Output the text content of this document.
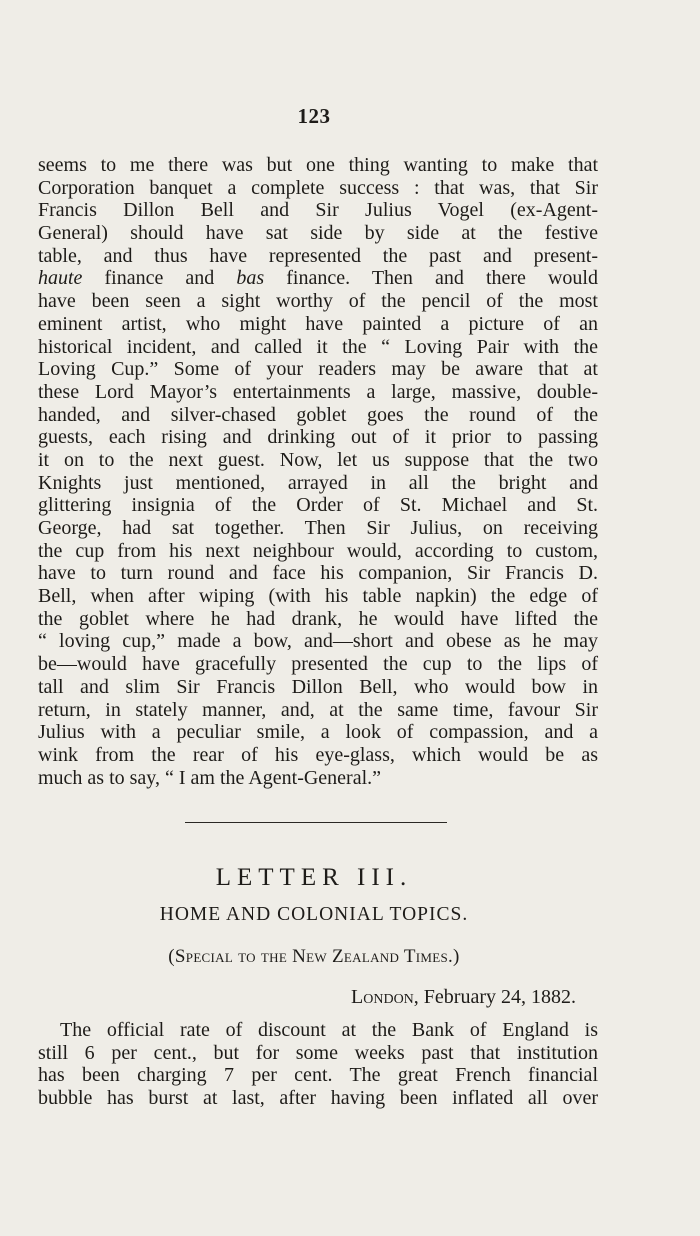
123
seems to me there was but one thing wanting to make that
Corporation banquet a complete success : that was, that Sir
Francis Dillon Bell and Sir Julius Vogel (ex-Agent-
General) should have sat side by side at the festive
table, and thus have represented the past and present-
haute finance and bas finance. Then and there would
have been seen a sight worthy of the pencil of the most
eminent artist, who might have painted a picture of an
historical incident, and called it the “ Loving Pair with the
Loving Cup.” Some of your readers may be aware that at
these Lord Mayor’s entertainments a large, massive, double-
handed, and silver-chased goblet goes the round of the
guests, each rising and drinking out of it prior to passing
it on to the next guest. Now, let us suppose that the two
Knights just mentioned, arrayed in all the bright and
glittering insignia of the Order of St. Michael and St.
George, had sat together. Then Sir Julius, on receiving
the cup from his next neighbour would, according to custom,
have to turn round and face his companion, Sir Francis D.
Bell, when after wiping (with his table napkin) the edge of
the goblet where he had drank, he would have lifted the
“ loving cup,” made a bow, and—short and obese as he may
be—would have gracefully presented the cup to the lips of
tall and slim Sir Francis Dillon Bell, who would bow in
return, in stately manner, and, at the same time, favour Sir
Julius with a peculiar smile, a look of compassion, and a
wink from the rear of his eye-glass, which would be as
much as to say, “ I am the Agent-General.”
LETTER III.
HOME AND COLONIAL TOPICS.
(Special to the New Zealand Times.)
London, February 24, 1882.
The official rate of discount at the Bank of England is
still 6 per cent., but for some weeks past that institution
has been charging 7 per cent. The great French financial
bubble has burst at last, after having been inflated all over
